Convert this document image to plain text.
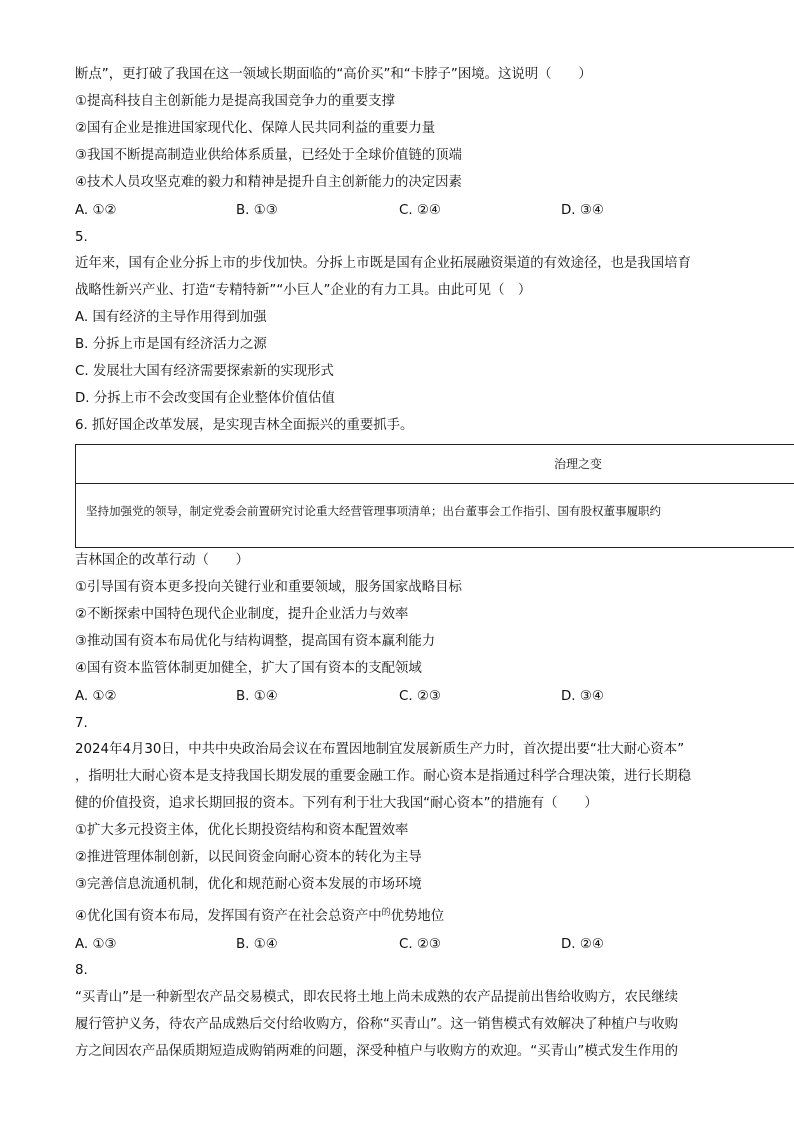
断点”，更打破了我国在这一领域长期面临的“高价买”和“卡脖子”困境。这说明（　　）
①提高科技自主创新能力是提高我国竞争力的重要支撑
②国有企业是推进国家现代化、保障人民共同利益的重要力量
③我国不断提高制造业供给体系质量，已经处于全球价值链的顶端
④技术人员攻坚克难的毅力和精神是提升自主创新能力的决定因素
A. ①②	B. ①③	C. ②④	D. ③④
5.
近年来，国有企业分拆上市的步伐加快。分拆上市既是国有企业拓展融资渠道的有效途径，也是我国培育
战略性新兴产业、打造“专精特新”“小巨人”企业的有力工具。由此可见（　）
A. 国有经济的主导作用得到加强
B. 分拆上市是国有经济活力之源
C. 发展壮大国有经济需要探索新的实现形式
D. 分拆上市不会改变国有企业整体价值估值
6. 抓好国企改革发展，是实现吉林全面振兴的重要抓手。
治理之变
坚持加强党的领导，制定党委会前置研究讨论重大经营管理事项清单；出台董事会工作指引、国有股权董事履职约
吉林国企的改革行动（　　）
①引导国有资本更多投向关键行业和重要领域，服务国家战略目标
②不断探索中国特色现代企业制度，提升企业活力与效率
③推动国有资本布局优化与结构调整，提高国有资本赢利能力
④国有资本监管体制更加健全，扩大了国有资本的支配领域
A. ①②	B. ①④	C. ②③	D. ③④
7.
2024年4月30日，中共中央政治局会议在布置因地制宜发展新质生产力时，首次提出要“壮大耐心资本”
，指明壮大耐心资本是支持我国长期发展的重要金融工作。耐心资本是指通过科学合理决策，进行长期稳
健的价值投资，追求长期回报的资本。下列有利于壮大我国“耐心资本”的措施有（　　）
①扩大多元投资主体，优化长期投资结构和资本配置效率
②推进管理体制创新，以民间资金向耐心资本的转化为主导
③完善信息流通机制，优化和规范耐心资本发展的市场环境
④优化国有资本布局，发挥国有资产在社会总资产中$^的$优势地位
A. ①③	B. ①④	C. ②③	D. ②④
8.
“买青山”是一种新型农产品交易模式，即农民将土地上尚未成熟的农产品提前出售给收购方，农民继续
履行管护义务，待农产品成熟后交付给收购方，俗称“买青山”。这一销售模式有效解决了种植户与收购
方之间因农产品保质期短造成购销两难的问题，深受种植户与收购方的欢迎。“买青山”模式发生作用的
